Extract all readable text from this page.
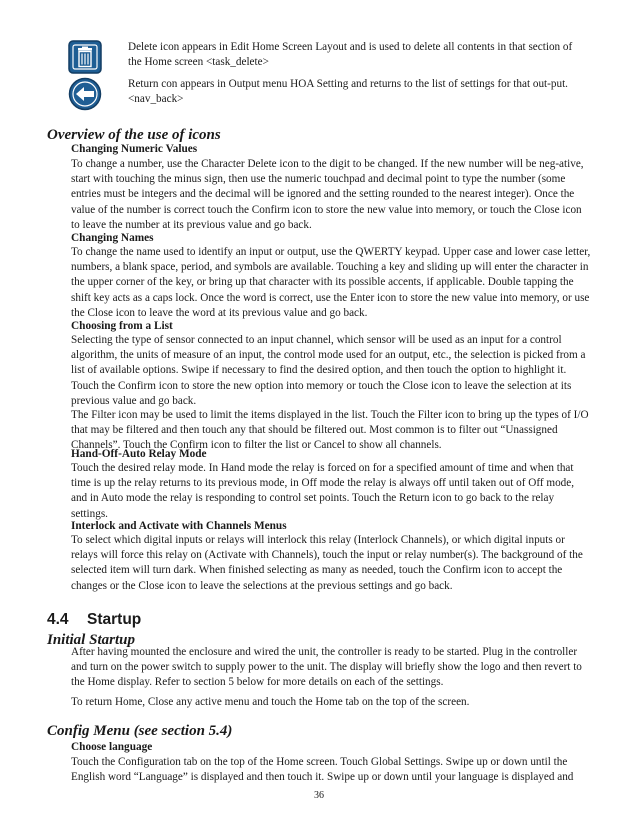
Delete icon appears in Edit Home Screen Layout and is used to delete all contents in that section of the Home screen <task_delete>
Return con appears in Output menu HOA Setting and returns to the list of settings for that out-put. <nav_back>
Overview of the use of icons
Changing Numeric Values
To change a number, use the Character Delete icon to the digit to be changed. If the new number will be neg-ative, start with touching the minus sign, then use the numeric touchpad and decimal point to type the number (some entries must be integers and the decimal will be ignored and the setting rounded to the nearest integer). Once the value of the number is correct touch the Confirm icon to store the new value into memory, or touch the Close icon to leave the number at its previous value and go back.
Changing Names
To change the name used to identify an input or output, use the QWERTY keypad. Upper case and lower case letter, numbers, a blank space, period, and symbols are available. Touching a key and sliding up will enter the character in the upper corner of the key, or bring up that character with its possible accents, if applicable. Double tapping the shift key acts as a caps lock. Once the word is correct, use the Enter icon to store the new value into memory, or use the Close icon to leave the word at its previous value and go back.
Choosing from a List
Selecting the type of sensor connected to an input channel, which sensor will be used as an input for a control algorithm, the units of measure of an input, the control mode used for an output, etc., the selection is picked from a list of available options. Swipe if necessary to find the desired option, and then touch the option to highlight it. Touch the Confirm icon to store the new option into memory or touch the Close icon to leave the selection at its previous value and go back.
The Filter icon may be used to limit the items displayed in the list. Touch the Filter icon to bring up the types of I/O that may be filtered and then touch any that should be filtered out. Most common is to filter out “Unassigned Channels”. Touch the Confirm icon to filter the list or Cancel to show all channels.
Hand-Off-Auto Relay Mode
Touch the desired relay mode. In Hand mode the relay is forced on for a specified amount of time and when that time is up the relay returns to its previous mode, in Off mode the relay is always off until taken out of Off mode, and in Auto mode the relay is responding to control set points. Touch the Return icon to go back to the relay settings.
Interlock and Activate with Channels Menus
To select which digital inputs or relays will interlock this relay (Interlock Channels), or which digital inputs or relays will force this relay on (Activate with Channels), touch the input or relay number(s). The background of the selected item will turn dark. When finished selecting as many as needed, touch the Confirm icon to accept the changes or the Close icon to leave the selections at the previous settings and go back.
4.4 Startup
Initial Startup
After having mounted the enclosure and wired the unit, the controller is ready to be started. Plug in the controller and turn on the power switch to supply power to the unit. The display will briefly show the logo and then revert to the Home display. Refer to section 5 below for more details on each of the settings.
To return Home, Close any active menu and touch the Home tab on the top of the screen.
Config Menu (see section 5.4)
Choose language
Touch the Configuration tab on the top of the Home screen. Touch Global Settings. Swipe up or down until the English word “Language” is displayed and then touch it. Swipe up or down until your language is displayed and
36
